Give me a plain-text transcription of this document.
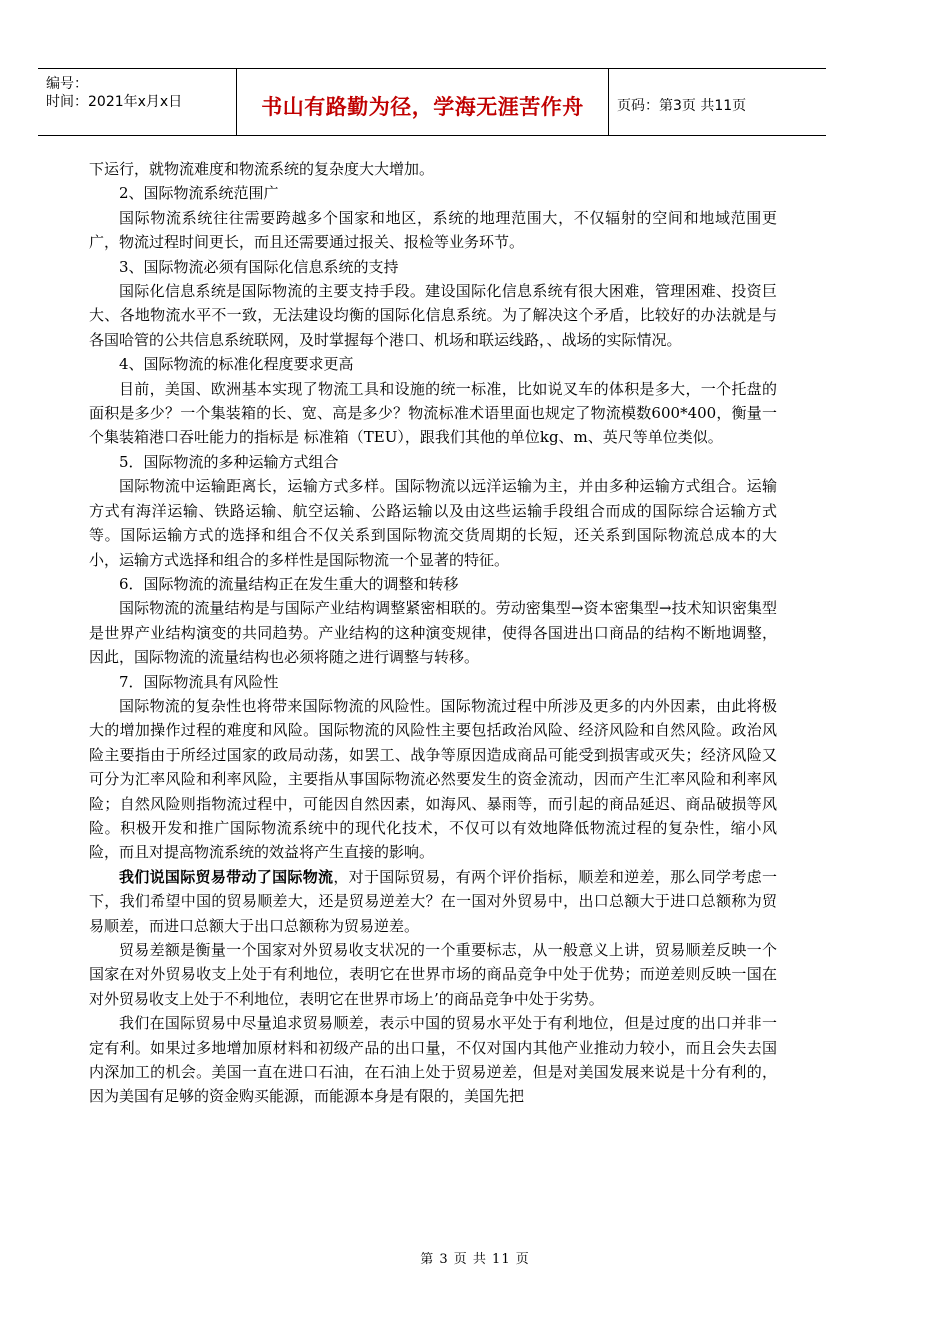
编号：
时间：2021年x月x日	书山有路勤为径，学海无涯苦作舟	页码：第3页 共11页

下运行，就物流难度和物流系统的复杂度大大增加。

2、国际物流系统范围广

国际物流系统往往需要跨越多个国家和地区，系统的地理范围大，不仅辐射的空间和地域范围更广，物流过程时间更长，而且还需要通过报关、报检等业务环节。

3、国际物流必须有国际化信息系统的支持

国际化信息系统是国际物流的主要支持手段。建设国际化信息系统有很大困难，管理困难、投资巨大、各地物流水平不一致，无法建设均衡的国际化信息系统。为了解决这个矛盾，比较好的办法就是与各国哈管的公共信息系统联网，及时掌握每个港口、机场和联运线路，、战场的实际情况。

4、国际物流的标准化程度要求更高

目前，美国、欧洲基本实现了物流工具和设施的统一标准，比如说叉车的体积是多大，一个托盘的面积是多少？一个集装箱的长、宽、高是多少？物流标准术语里面也规定了物流模数600*400，衡量一个集装箱港口吞吐能力的指标是 标准箱（TEU），跟我们其他的单位kg、m、英尺等单位类似。

5．国际物流的多种运输方式组合

国际物流中运输距离长，运输方式多样。国际物流以远洋运输为主，并由多种运输方式组合。运输方式有海洋运输、铁路运输、航空运输、公路运输以及由这些运输手段组合而成的国际综合运输方式等。国际运输方式的选择和组合不仅关系到国际物流交货周期的长短，还关系到国际物流总成本的大小，运输方式选择和组合的多样性是国际物流一个显著的特征。

6．国际物流的流量结构正在发生重大的调整和转移

国际物流的流量结构是与国际产业结构调整紧密相联的。劳动密集型→资本密集型→技术知识密集型是世界产业结构演变的共同趋势。产业结构的这种演变规律，使得各国进出口商品的结构不断地调整，因此，国际物流的流量结构也必须将随之进行调整与转移。

7．国际物流具有风险性

国际物流的复杂性也将带来国际物流的风险性。国际物流过程中所涉及更多的内外因素，由此将极大的增加操作过程的难度和风险。国际物流的风险性主要包括政治风险、经济风险和自然风险。政治风险主要指由于所经过国家的政局动荡，如罢工、战争等原因造成商品可能受到损害或灭失；经济风险又可分为汇率风险和利率风险，主要指从事国际物流必然要发生的资金流动，因而产生汇率风险和利率风险；自然风险则指物流过程中，可能因自然因素，如海风、暴雨等，而引起的商品延迟、商品破损等风险。积极开发和推广国际物流系统中的现代化技术，不仅可以有效地降低物流过程的复杂性，缩小风险，而且对提高物流系统的效益将产生直接的影响。

我们说国际贸易带动了国际物流，对于国际贸易，有两个评价指标，顺差和逆差，那么同学考虑一下，我们希望中国的贸易顺差大，还是贸易逆差大？在一国对外贸易中，出口总额大于进口总额称为贸易顺差，而进口总额大于出口总额称为贸易逆差。

贸易差额是衡量一个国家对外贸易收支状况的一个重要标志，从一般意义上讲，贸易顺差反映一个国家在对外贸易收支上处于有利地位，表明它在世界市场的商品竞争中处于优势；而逆差则反映一国在对外贸易收支上处于不利地位，表明它在世界市场上’的商品竞争中处于劣势。

我们在国际贸易中尽量追求贸易顺差，表示中国的贸易水平处于有利地位，但是过度的出口并非一定有利。如果过多地增加原材料和初级产品的出口量，不仅对国内其他产业推动力较小，而且会失去国内深加工的机会。美国一直在进口石油，在石油上处于贸易逆差，但是对美国发展来说是十分有利的，因为美国有足够的资金购买能源，而能源本身是有限的，美国先把

第 3 页 共 11 页
